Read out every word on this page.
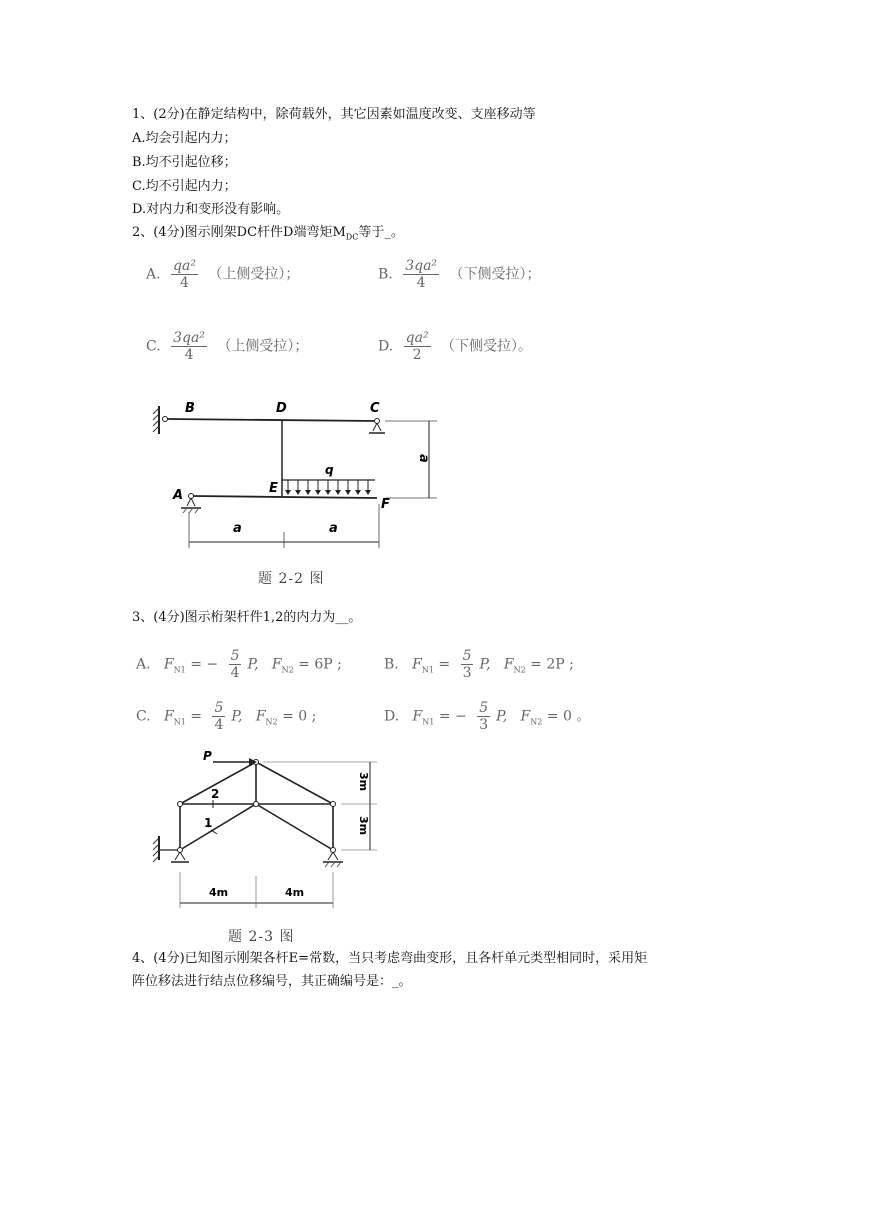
1、(2分)在静定结构中，除荷载外，其它因素如温度改变、支座移动等
A.均会引起内力；
B.均不引起位移；
C.均不引起内力；
D.对内力和变形没有影响。
2、(4分)图示刚架DC杆件D端弯矩$M_{DC}$等于_。
A. $\frac{\text{qa²}}{4}$ （上侧受拉）；	B. $\frac{\text{3qa²}}{4}$ （下侧受拉）；
C. $\frac{\text{3qa²}}{4}$ （上侧受拉）；	D. $\frac{\text{qa²}}{2}$ （下侧受拉）。
B	D	C
A	E
F
q
a	a
a
题 2-2 图
3、(4分)图示桁架杆件1,2的内力为__。
A. $F_{N1}$ = − $\frac{5}{4} P$, $F_{N2} = 6P$ ;	B. $F_{N1} = \frac{5}{3} P$, $F_{N2} = 2P$ ;
C. $F_{N1} = \frac{5}{4} P$, $F_{N2} = 0$ ;	D. $F_{N1}$ = − $\frac{5}{3} P$, $F_{N2} = 0$ 。
P
2
1
3m
3m
4m	4m
题 2-3 图
4、(4分)已知图示刚架各杆E=常数，当只考虑弯曲变形，且各杆单元类型相同时，采用矩
阵位移法进行结点位移编号，其正确编号是：_。
